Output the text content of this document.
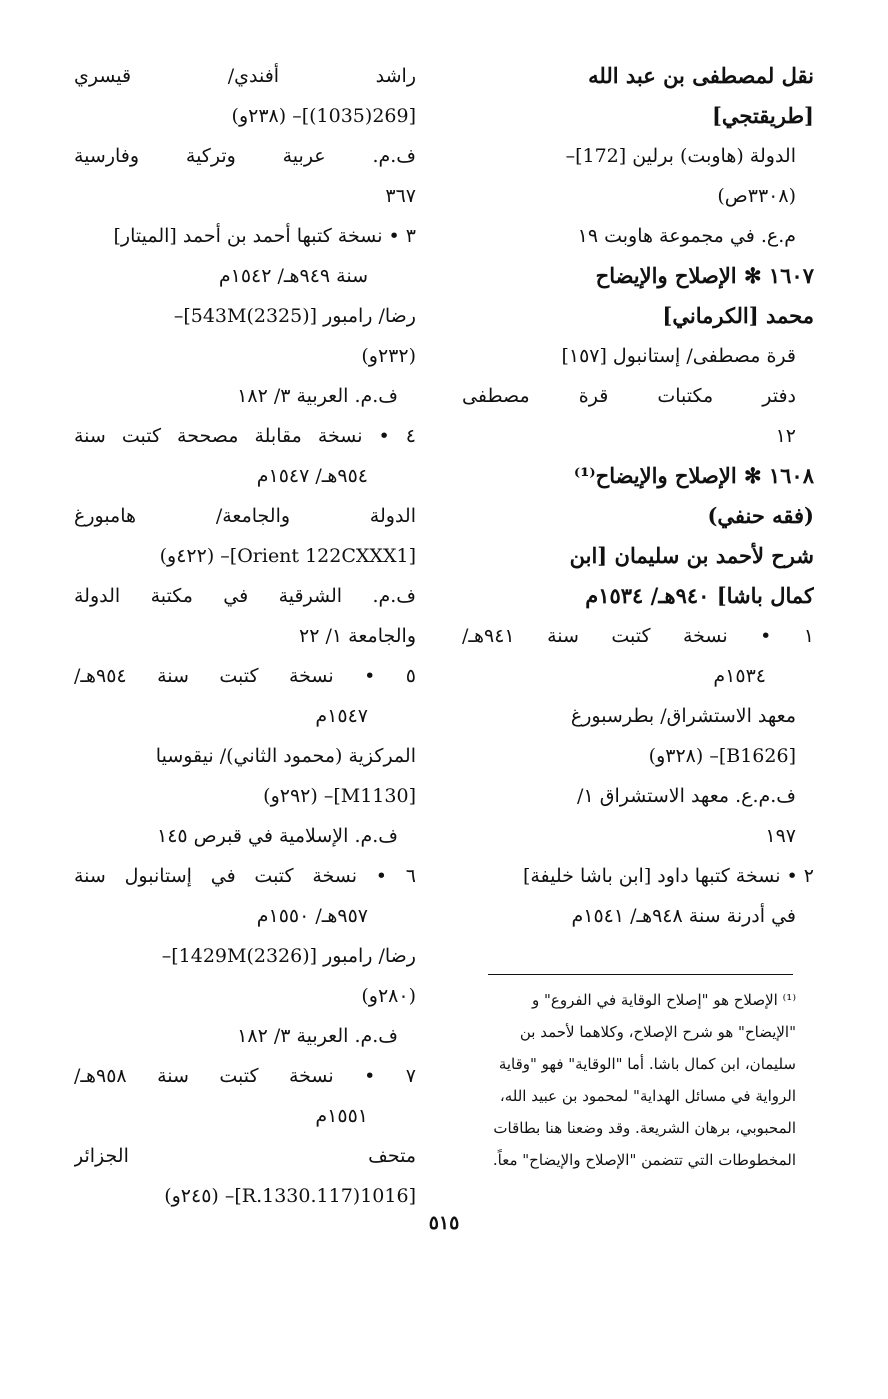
نقل لمصطفى بن عبد الله
[طريقتجي]
الدولة (هاوبت) برلين [172]–
(٣٣٠٨ص)
م.ع. في مجموعة هاوبت ١٩
١٦٠٧ ✻ الإصلاح والإيضاح
محمد [الكرماني]
قرة مصطفى/ إستانبول [١٥٧]
دفتر مكتبات قرة مصطفى
١٢
١٦٠٨ ✻ الإصلاح والإيضاح⁽¹⁾
(فقه حنفي)
شرح لأحمد بن سليمان [ابن
كمال باشا] ٩٤٠هـ/ ١٥٣٤م
١ • نسخة كتبت سنة ٩٤١هـ/
١٥٣٤م
معهد الاستشراق/ بطرسبورغ
[B1626]– (٣٢٨و)
ف.م.ع. معهد الاستشراق ١/
١٩٧
٢ • نسخة كتبها داود [ابن باشا خليفة]
في أدرنة سنة ٩٤٨هـ/ ١٥٤١م
راشد أفندي/ قيسري
[269(1035)]– (٢٣٨و)
ف.م. عربية وتركية وفارسية
٣٦٧
٣ • نسخة كتبها أحمد بن أحمد [الميتار]
سنة ٩٤٩هـ/ ١٥٤٢م
رضا/ رامبور [543M(2325)]–
(٢٣٢و)
ف.م. العربية ٣/ ١٨٢
٤ • نسخة مقابلة مصححة كتبت سنة
٩٥٤هـ/ ١٥٤٧م
الدولة والجامعة/ هامبورغ
[Orient 122CXXX1]– (٤٢٢و)
ف.م. الشرقية في مكتبة الدولة
والجامعة ١/ ٢٢
٥ • نسخة كتبت سنة ٩٥٤هـ/
١٥٤٧م
المركزية (محمود الثاني)/ نيقوسيا
[M1130]– (٢٩٢و)
ف.م. الإسلامية في قبرص ١٤٥
٦ • نسخة كتبت في إستانبول سنة
٩٥٧هـ/ ١٥٥٠م
رضا/ رامبور [1429M(2326)]–
(٢٨٠و)
ف.م. العربية ٣/ ١٨٢
٧ • نسخة كتبت سنة ٩٥٨هـ/
١٥٥١م
متحف الجزائر
[1016(117.R.1330]– (٢٤٥و)
⁽¹⁾ الإصلاح هو "إصلاح الوقاية في الفروع" و
"الإيضاح" هو شرح الإصلاح، وكلاهما لأحمد بن
سليمان، ابن كمال باشا. أما "الوقاية" فهو "وقاية
الرواية في مسائل الهداية" لمحمود بن عبيد الله،
المحبوبي، برهان الشريعة. وقد وضعنا هنا بطاقات
المخطوطات التي تتضمن "الإصلاح والإيضاح" معاً.
٥١٥
